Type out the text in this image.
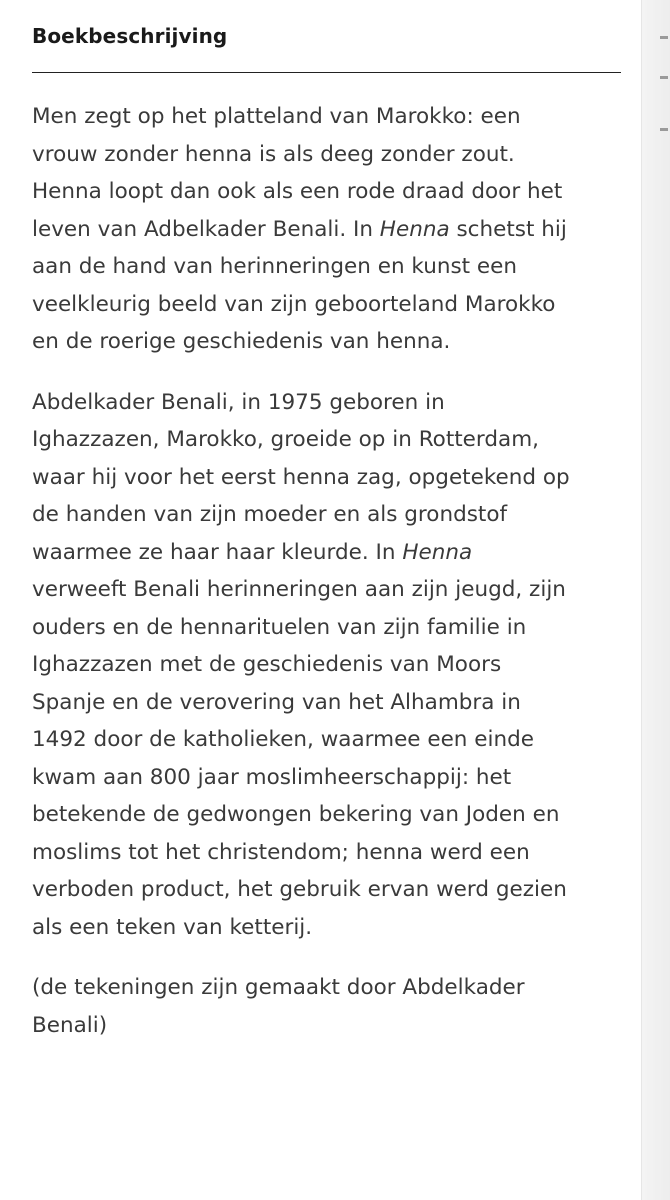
Boekbeschrijving

Men zegt op het platteland van Marokko: een vrouw zonder henna is als deeg zonder zout. Henna loopt dan ook als een rode draad door het leven van Adbelkader Benali. In Henna schetst hij aan de hand van herinneringen en kunst een veelkleurig beeld van zijn geboorteland Marokko en de roerige geschiedenis van henna.

Abdelkader Benali, in 1975 geboren in Ighazzazen, Marokko, groeide op in Rotterdam, waar hij voor het eerst henna zag, opgetekend op de handen van zijn moeder en als grondstof waarmee ze haar haar kleurde. In Henna verweeft Benali herinneringen aan zijn jeugd, zijn ouders en de hennarituelen van zijn familie in Ighazzazen met de geschiedenis van Moors Spanje en de verovering van het Alhambra in 1492 door de katholieken, waarmee een einde kwam aan 800 jaar moslimheerschappij: het betekende de gedwongen bekering van Joden en moslims tot het christendom; henna werd een verboden product, het gebruik ervan werd gezien als een teken van ketterij.

(de tekeningen zijn gemaakt door Abdelkader Benali)
